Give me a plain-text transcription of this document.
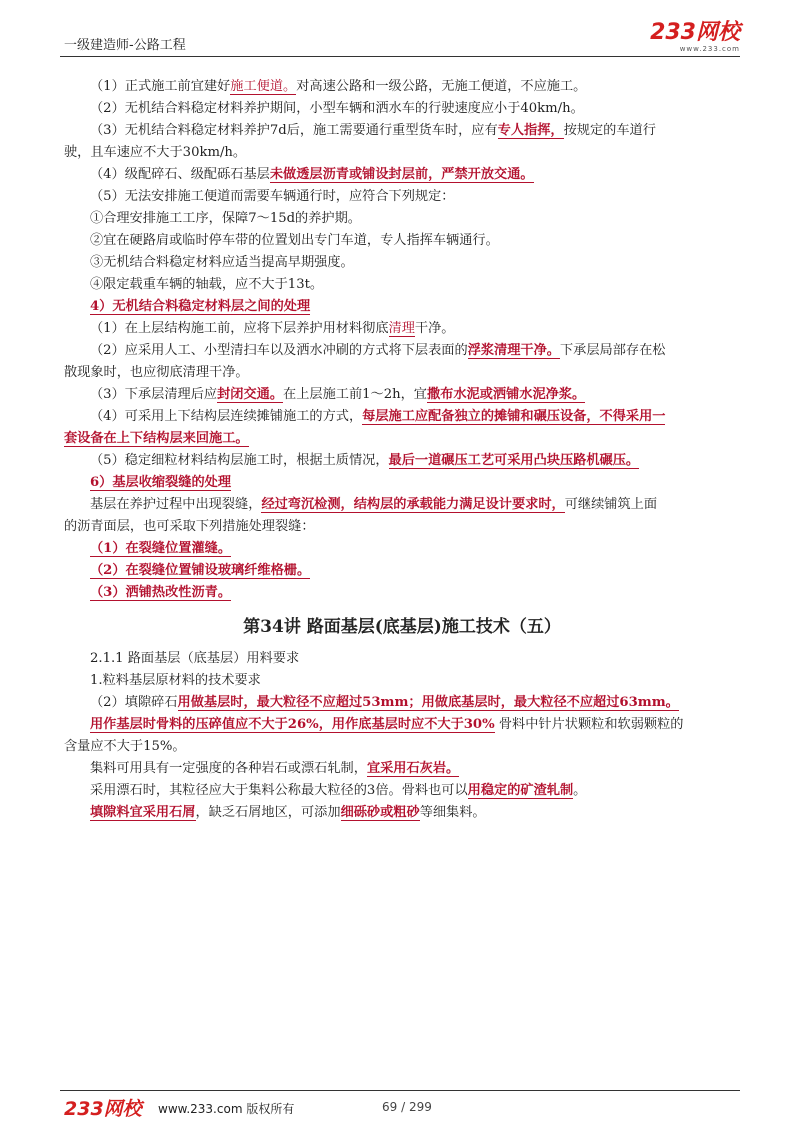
一级建造师-公路工程
233网校
www.233.com

（1）正式施工前宜建好施工便道。对高速公路和一级公路，无施工便道，不应施工。

（2）无机结合料稳定材料养护期间，小型车辆和洒水车的行驶速度应小于40km/h。

（3）无机结合料稳定材料养护7d后，施工需要通行重型货车时，应有专人指挥，按规定的车道行

驶，且车速应不大于30km/h。

（4）级配碎石、级配砾石基层未做透层沥青或铺设封层前，严禁开放交通。

（5）无法安排施工便道而需要车辆通行时，应符合下列规定：

①合理安排施工工序，保障7～15d的养护期。

②宜在硬路肩或临时停车带的位置划出专门车道，专人指挥车辆通行。

③无机结合料稳定材料应适当提高早期强度。

④限定载重车辆的轴载，应不大于13t。

4）无机结合料稳定材料层之间的处理

（1）在上层结构施工前，应将下层养护用材料彻底清理干净。

（2）应采用人工、小型清扫车以及洒水冲刷的方式将下层表面的浮浆清理干净。下承层局部存在松

散现象时，也应彻底清理干净。

（3）下承层清理后应封闭交通。在上层施工前1～2h，宜撒布水泥或洒铺水泥净浆。

（4）可采用上下结构层连续摊铺施工的方式，每层施工应配备独立的摊铺和碾压设备，不得采用一

套设备在上下结构层来回施工。

（5）稳定细粒材料结构层施工时，根据土质情况，最后一道碾压工艺可采用凸块压路机碾压。

6）基层收缩裂缝的处理

基层在养护过程中出现裂缝，经过弯沉检测，结构层的承载能力满足设计要求时，可继续铺筑上面

的沥青面层，也可采取下列措施处理裂缝：

（1）在裂缝位置灌缝。

（2）在裂缝位置铺设玻璃纤维格栅。

（3）洒铺热改性沥青。

第34讲 路面基层(底基层)施工技术（五）

2.1.1 路面基层（底基层）用料要求

1.粒料基层原材料的技术要求

（2）填隙碎石用做基层时，最大粒径不应超过53mm；用做底基层时，最大粒径不应超过63mm。

用作基层时骨料的压碎值应不大于26%，用作底基层时应不大于30% 骨料中针片状颗粒和软弱颗粒的

含量应不大于15%。

集料可用具有一定强度的各种岩石或漂石轧制，宜采用石灰岩。

采用漂石时，其粒径应大于集料公称最大粒径的3倍。骨料也可以用稳定的矿渣轧制。

填隙料宜采用石屑，缺乏石屑地区，可添加细砾砂或粗砂等细集料。

233网校 www.233.com 版权所有	69 / 299
